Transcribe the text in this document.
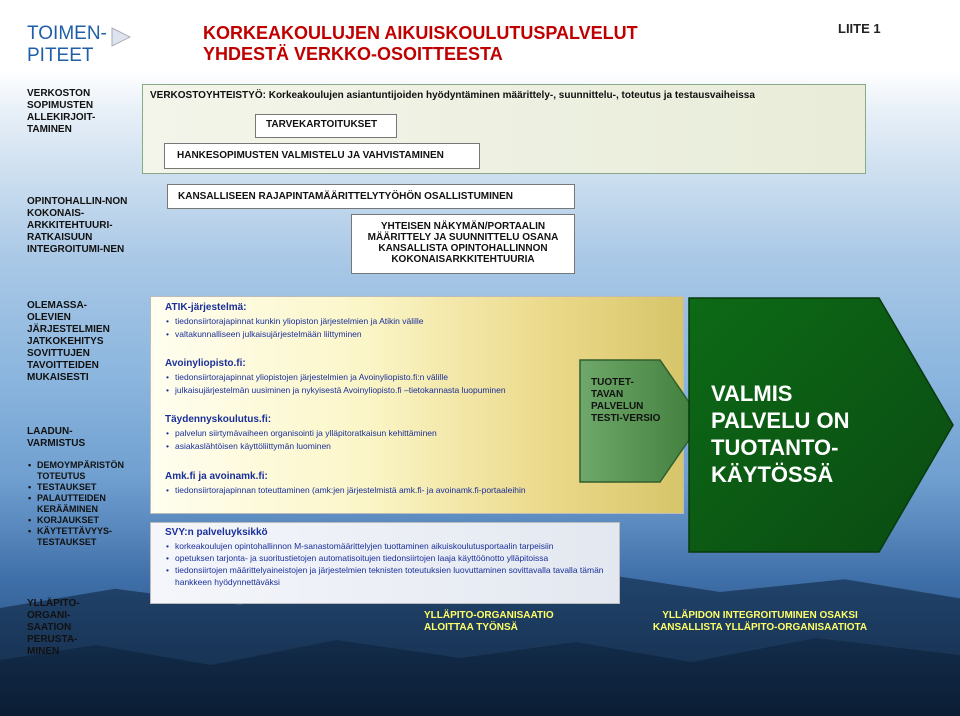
TOIMEN-
PITEET
KORKEAKOULUJEN AIKUISKOULUTUSPALVELUT
YHDESTÄ VERKKO-OSOITTEESTA
LIITE 1
VERKOSTON SOPIMUSTEN ALLEKIRJOIT-TAMINEN
OPINTOHALLIN-NON KOKONAIS-ARKKITEHTUURI-RATKAISUUN INTEGROITUMI-NEN
OLEMASSA-OLEVIEN JÄRJESTELMIEN JATKOKEHITYS SOVITTUJEN TAVOITTEIDEN MUKAISESTI
LAADUN-VARMISTUS
• DEMOYMPÄRISTÖN TOTEUTUS
• TESTAUKSET
• PALAUTTEIDEN KERÄÄMINEN
• KORJAUKSET
• KÄYTETTÄVYYS-TESTAUKSET
YLLÄPITO-ORGANI-SAATION PERUSTA-MINEN
VERKOSTOYHTEISTYÖ: Korkeakoulujen asiantuntijoiden hyödyntäminen määrittely-, suunnittelu-, toteutus ja testausvaiheissa
TARVEKARTOITUKSET
HANKESOPIMUSTEN VALMISTELU JA VAHVISTAMINEN
KANSALLISEEN RAJAPINTAMÄÄRITTELYTYÖHÖN OSALLISTUMINEN
YHTEISEN NÄKYMÄN/PORTAALIN MÄÄRITTELY JA SUUNNITTELU OSANA KANSALLISTA OPINTOHALLINNON KOKONAISARKKITEHTUURIA
ATIK-järjestelmä:
• tiedonsiirtorajapinnat kunkin yliopiston järjestelmien ja Atikin välille
• valtakunnalliseen julkaisujärjestelmään liittyminen
Avoinyliopisto.fi:
• tiedonsiirtorajapinnat yliopistojen järjestelmien ja Avoinyliopisto.fi:n välille
• julkaisujärjestelmän uusiminen ja nykyisestä Avoinyliopisto.fi –tietokannasta luopuminen
Täydennyskoulutus.fi:
• palvelun siirtymävaiheen organisointi ja ylläpitoratkaisun kehittäminen
• asiakaslähtöisen käyttöliittymän luominen
Amk.fi ja avoinamk.fi:
• tiedonsiirtorajapinnan toteuttaminen (amk:jen järjestelmistä amk.fi- ja avoinamk.fi-portaaleihin
SVY:n palveluyksikkö
• korkeakoulujen opintohallinnon M-sanastomäärittelyjen tuottaminen aikuiskoulutusportaalin tarpeisiin
• opetuksen tarjonta- ja suoritustietojen automatisoitujen tiedonsiirtojen laaja käyttöönotto ylläpitoissa
• tiedonsiirtojen määrittelyaineistojen ja järjestelmien teknisten toteutuksien luovuttaminen sovittavalla tavalla tämän hankkeen hyödynnettäväksi
TUOTET-TAVAN PALVELUN TESTI-VERSIO
VALMIS PALVELU ON TUOTANTO-KÄYTÖSSÄ
YLLÄPITO-ORGANISAATIO ALOITTAA TYÖNSÄ
YLLÄPIDON INTEGROITUMINEN OSAKSI KANSALLISTA YLLÄPITO-ORGANISAATIOTA
